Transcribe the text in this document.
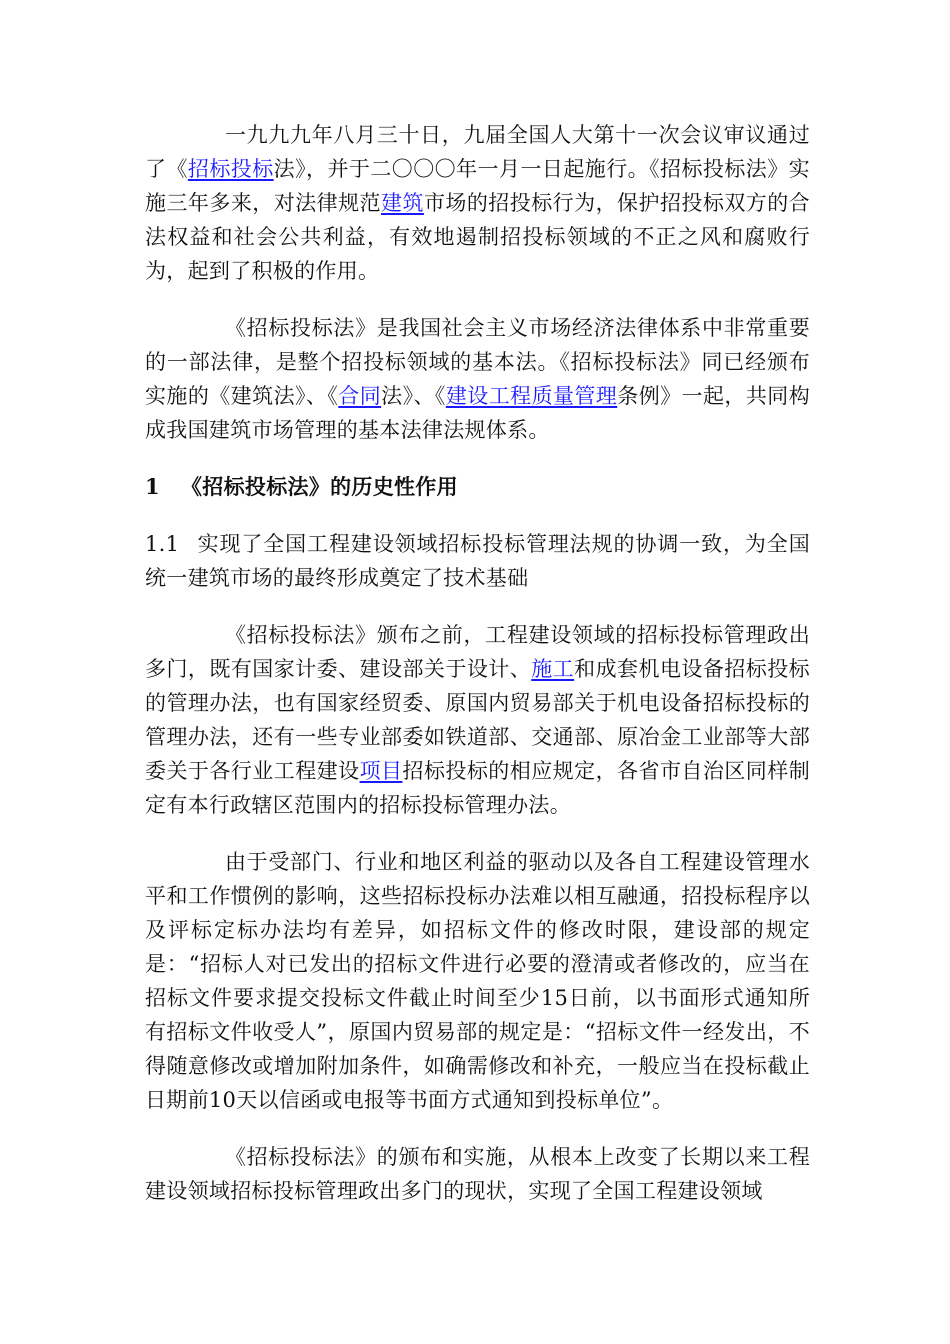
一九九九年八月三十日，九届全国人大第十一次会议审议通过了《招标投标法》，并于二〇〇〇年一月一日起施行。《招标投标法》实施三年多来，对法律规范建筑市场的招投标行为，保护招投标双方的合法权益和社会公共利益，有效地遏制招投标领域的不正之风和腐败行为，起到了积极的作用。

《招标投标法》是我国社会主义市场经济法律体系中非常重要的一部法律，是整个招投标领域的基本法。《招标投标法》同已经颁布实施的《建筑法》、《合同法》、《建设工程质量管理条例》一起，共同构成我国建筑市场管理的基本法律法规体系。

1 《招标投标法》的历史性作用

1.1 实现了全国工程建设领域招标投标管理法规的协调一致，为全国统一建筑市场的最终形成奠定了技术基础

《招标投标法》颁布之前，工程建设领域的招标投标管理政出多门，既有国家计委、建设部关于设计、施工和成套机电设备招标投标的管理办法，也有国家经贸委、原国内贸易部关于机电设备招标投标的管理办法，还有一些专业部委如铁道部、交通部、原冶金工业部等大部委关于各行业工程建设项目招标投标的相应规定，各省市自治区同样制定有本行政辖区范围内的招标投标管理办法。

由于受部门、行业和地区利益的驱动以及各自工程建设管理水平和工作惯例的影响，这些招标投标办法难以相互融通，招投标程序以及评标定标办法均有差异，如招标文件的修改时限，建设部的规定是：“招标人对已发出的招标文件进行必要的澄清或者修改的，应当在招标文件要求提交投标文件截止时间至少15日前，以书面形式通知所有招标文件收受人”，原国内贸易部的规定是：“招标文件一经发出，不得随意修改或增加附加条件，如确需修改和补充，一般应当在投标截止日期前10天以信函或电报等书面方式通知到投标单位”。

《招标投标法》的颁布和实施，从根本上改变了长期以来工程建设领域招标投标管理政出多门的现状，实现了全国工程建设领域
